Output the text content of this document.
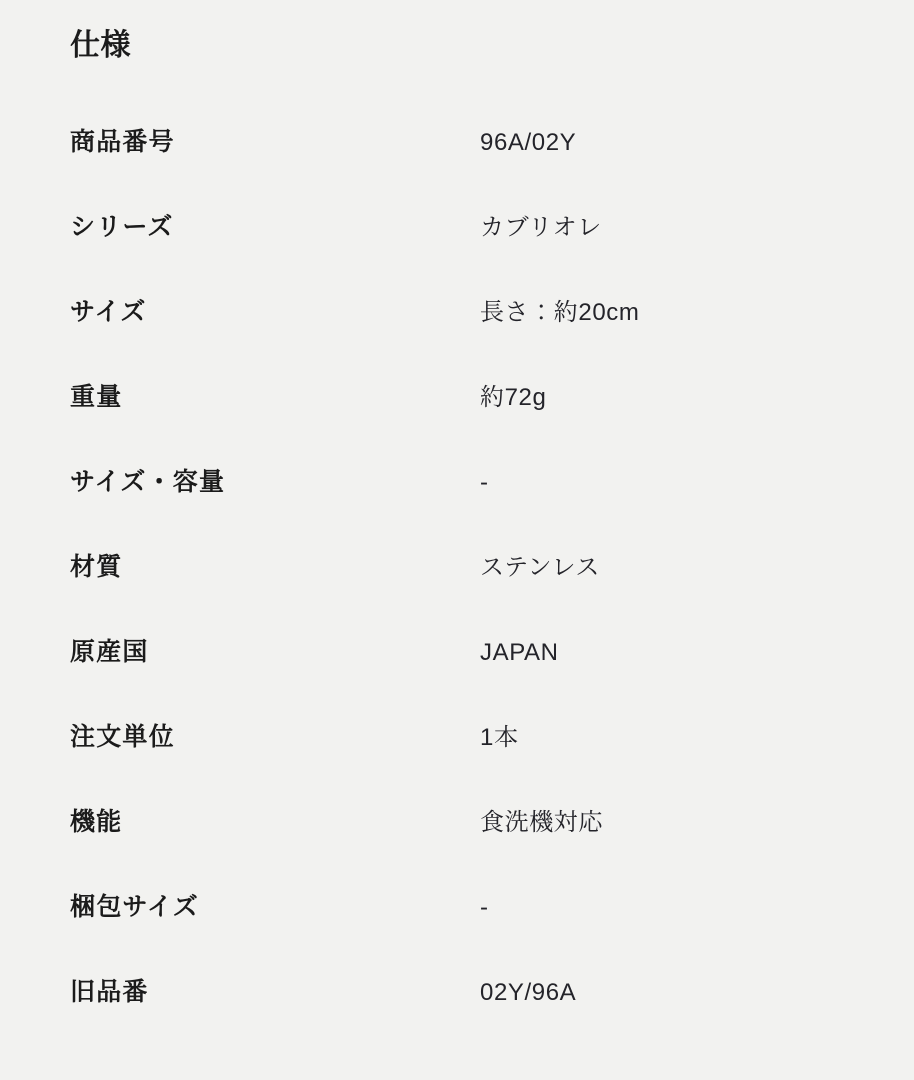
仕様
商品番号	96A/02Y
シリーズ	カブリオレ
サイズ	長さ：約20cm
重量	約72g
サイズ・容量	-
材質	ステンレス
原産国	JAPAN
注文単位	1本
機能	食洗機対応
梱包サイズ	-
旧品番	02Y/96A
